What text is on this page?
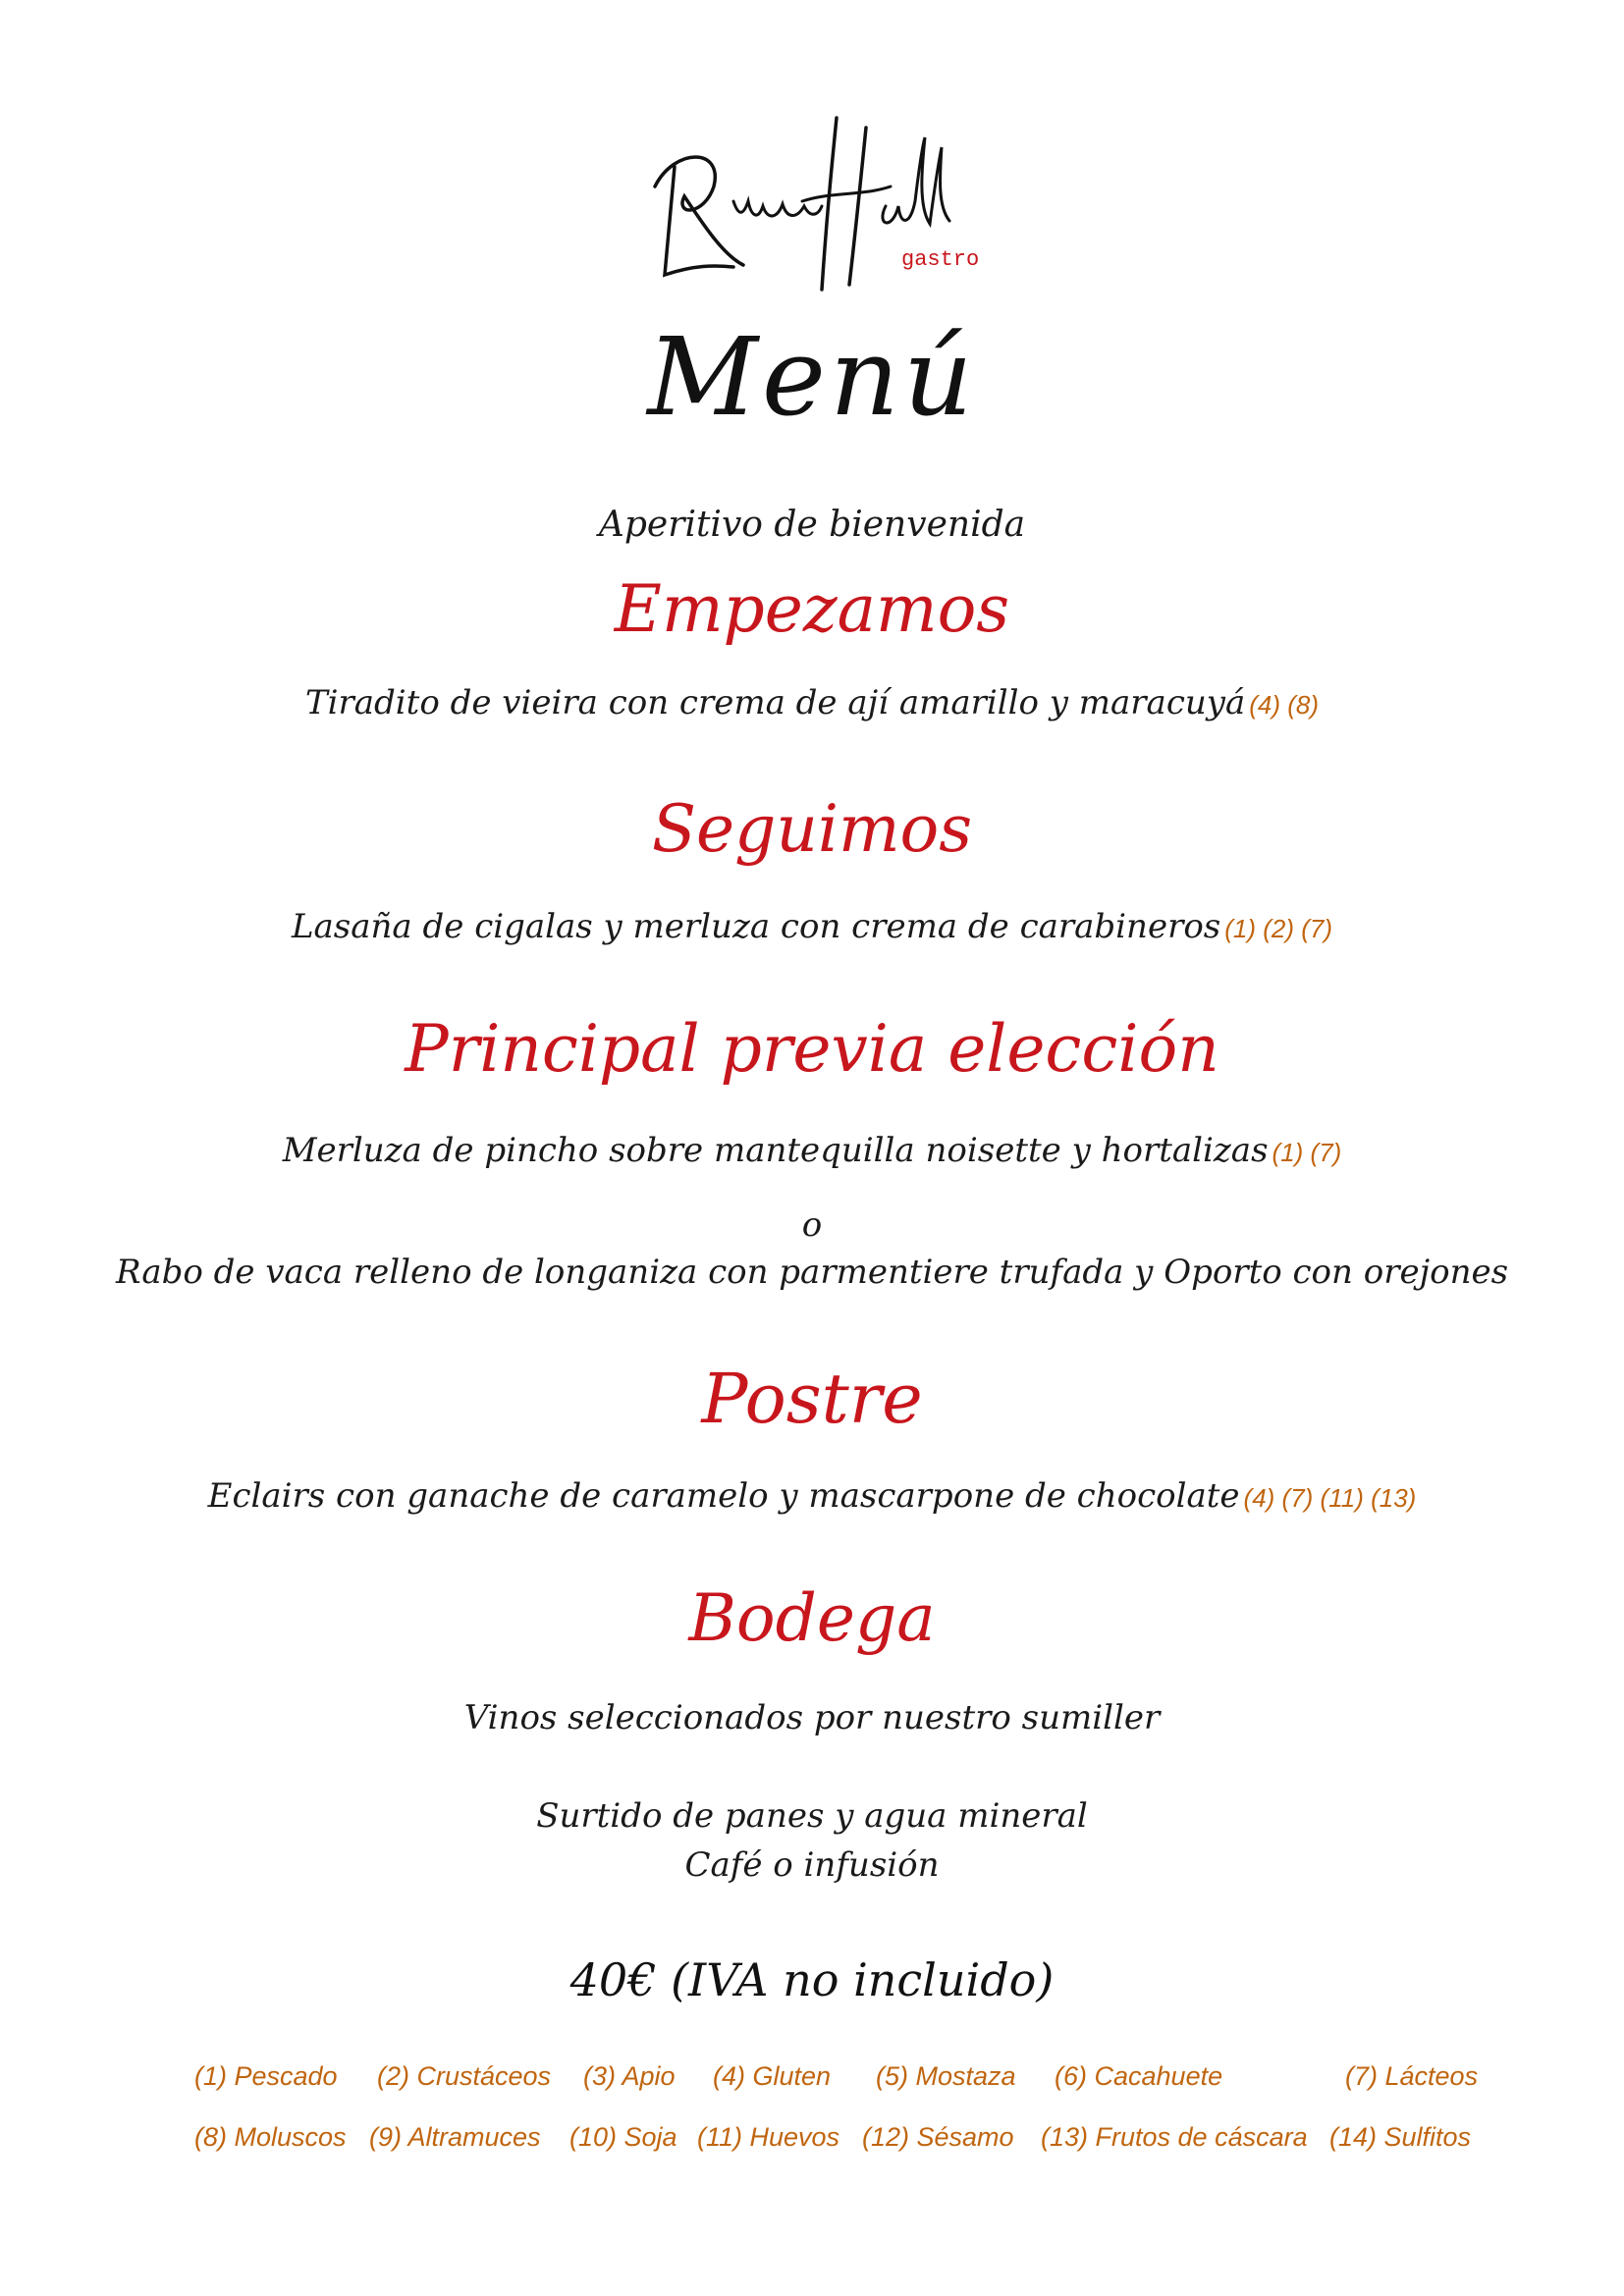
gastro
Menú
Aperitivo de bienvenida
Empezamos
Tiradito de vieira con crema de ají amarillo y maracuyá (4) (8)
Seguimos
Lasaña de cigalas y merluza con crema de carabineros (1) (2) (7)
Principal previa elección
Merluza de pincho sobre mantequilla noisette y hortalizas (1) (7)
o
Rabo de vaca relleno de longaniza con parmentiere trufada y Oporto con orejones
Postre
Eclairs con ganache de caramelo y mascarpone de chocolate (4) (7) (11) (13)
Bodega
Vinos seleccionados por nuestro sumiller
Surtido de panes y agua mineral
Café o infusión
40€ (IVA no incluido)
(1) Pescado (2) Crustáceos (3) Apio (4) Gluten (5) Mostaza (6) Cacahuete	(7) Lácteos
(8) Moluscos (9) Altramuces (10) Soja (11) Huevos (12) Sésamo (13) Frutos de cáscara (14) Sulfitos
